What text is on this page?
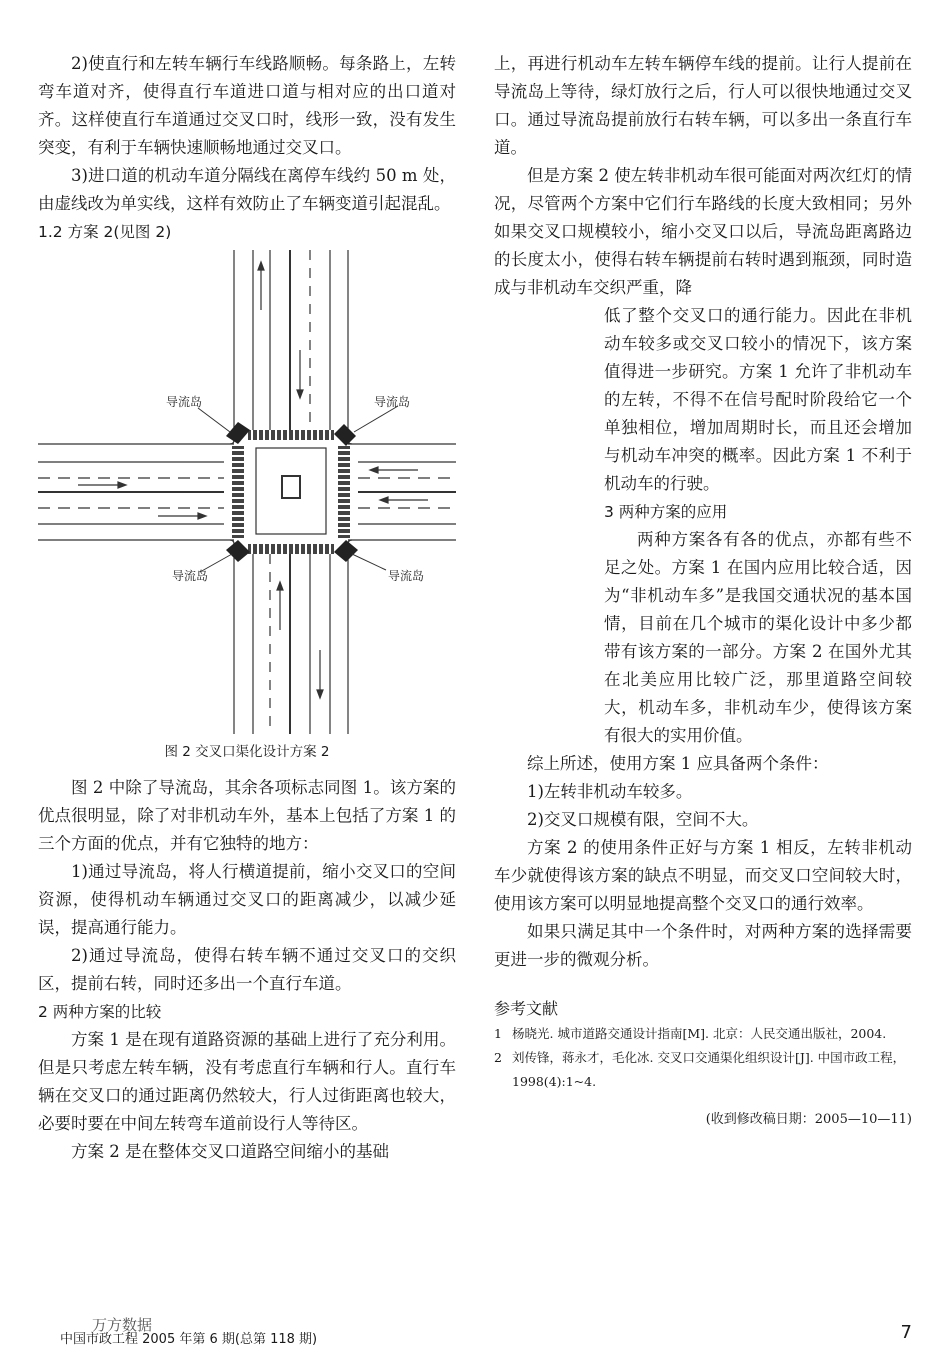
2)使直行和左转车辆行车线路顺畅。每条路上，左转弯车道对齐，使得直行车道进口道与相对应的出口道对齐。这样使直行车道通过交叉口时，线形一致，没有发生突变，有利于车辆快速顺畅地通过交叉口。

3)进口道的机动车道分隔线在离停车线约 50 m 处，由虚线改为单实线，这样有效防止了车辆变道引起混乱。

1.2 方案 2(见图 2)
导流岛	导流岛
导流岛	导流岛
图 2 交叉口渠化设计方案 2

图 2 中除了导流岛，其余各项标志同图 1。该方案的优点很明显，除了对非机动车外，基本上包括了方案 1 的三个方面的优点，并有它独特的地方：

1)通过导流岛，将人行横道提前，缩小交叉口的空间资源，使得机动车辆通过交叉口的距离减少，以减少延误，提高通行能力。

2)通过导流岛，使得右转车辆不通过交叉口的交织区，提前右转，同时还多出一个直行车道。

2 两种方案的比较

方案 1 是在现有道路资源的基础上进行了充分利用。但是只考虑左转车辆，没有考虑直行车辆和行人。直行车辆在交叉口的通过距离仍然较大，行人过街距离也较大，必要时要在中间左转弯车道前设行人等待区。

方案 2 是在整体交叉口道路空间缩小的基础

上，再进行机动车左转车辆停车线的提前。让行人提前在导流岛上等待，绿灯放行之后，行人可以很快地通过交叉口。通过导流岛提前放行右转车辆，可以多出一条直行车道。

但是方案 2 使左转非机动车很可能面对两次红灯的情况，尽管两个方案中它们行车路线的长度大致相同；另外如果交叉口规模较小，缩小交叉口以后，导流岛距离路边的长度太小，使得右转车辆提前右转时遇到瓶颈，同时造成与非机动车交织严重，降

低了整个交叉口的通行能力。因此在非机动车较多或交叉口较小的情况下，该方案值得进一步研究。方案 1 允许了非机动车的左转，不得不在信号配时阶段给它一个单独相位，增加周期时长，而且还会增加与机动车冲突的概率。因此方案 1 不利于机动车的行驶。

3 两种方案的应用

两种方案各有各的优点，亦都有些不足之处。方案 1 在国内应用比较合适，因为“非机动车多”是我国交通状况的基本国情，目前在几个城市的渠化设计中多少都带有该方案的一部分。方案 2 在国外尤其在北美应用比较广泛，那里道路空间较大，机动车多，非机动车少，使得该方案有很大的实用价值。

综上所述，使用方案 1 应具备两个条件：

1)左转非机动车较多。

2)交叉口规模有限，空间不大。

方案 2 的使用条件正好与方案 1 相反，左转非机动车少就使得该方案的缺点不明显，而交叉口空间较大时，使用该方案可以明显地提高整个交叉口的通行效率。

如果只满足其中一个条件时，对两种方案的选择需要更进一步的微观分析。

参考文献
1 杨晓光. 城市道路交通设计指南[M]. 北京：人民交通出版社，2004.
2 刘传锋，蒋永才，毛化冰. 交叉口交通渠化组织设计[J]. 中国市政工程，1998(4):1~4.
(收到修改稿日期：2005—10—11)
万方数据
中国市政工程 2005 年第 6 期(总第 118 期)	7
